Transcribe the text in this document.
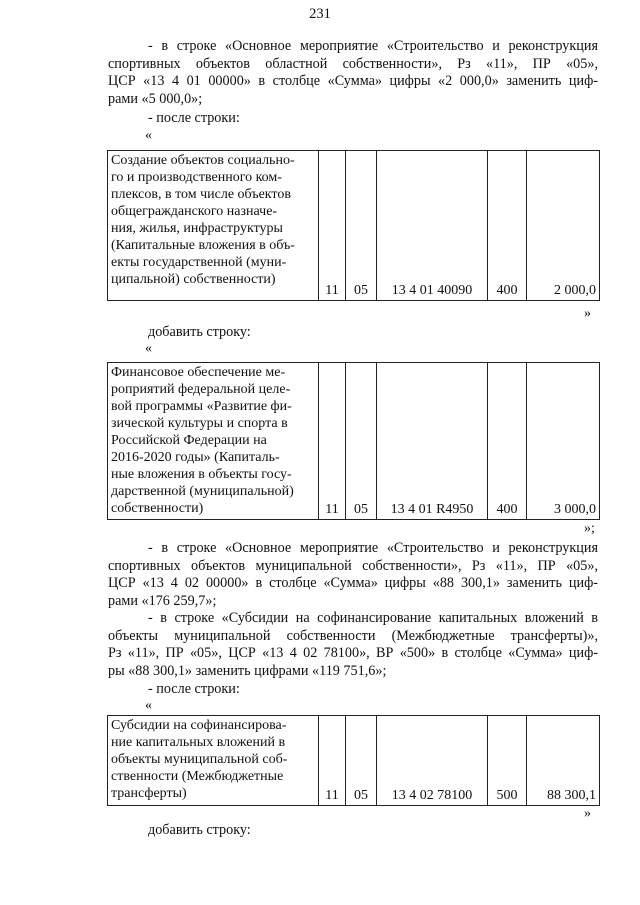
231
- в строке «Основное мероприятие «Строительство и реконструкция
спортивных объектов областной собственности», Рз «11», ПР «05»,
ЦСР «13 4 01 00000» в столбце «Сумма» цифры «2 000,0» заменить циф-
рами «5 000,0»;
- после строки:
«
Создание объектов социально-
го и производственного ком-
плексов, в том числе объектов
общегражданского назначе-
ния, жилья, инфраструктуры
(Капитальные вложения в объ-
екты государственной (муни-
ципальной) собственности)
	11	05	13 4 01 40090	400	2 000,0
»
добавить строку:
«
Финансовое обеспечение ме-
роприятий федеральной целе-
вой программы «Развитие фи-
зической культуры и спорта в
Российской Федерации на
2016-2020 годы» (Капиталь-
ные вложения в объекты госу-
дарственной (муниципальной)
собственности)	11	05	13 4 01 R4950	400	3 000,0
»;
- в строке «Основное мероприятие «Строительство и реконструкция
спортивных объектов муниципальной собственности», Рз «11», ПР «05»,
ЦСР «13 4 02 00000» в столбце «Сумма» цифры «88 300,1» заменить циф-
рами «176 259,7»;
- в строке «Субсидии на софинансирование капитальных вложений в
объекты муниципальной собственности (Межбюджетные трансферты)»,
Рз «11», ПР «05», ЦСР «13 4 02 78100», ВР «500» в столбце «Сумма» циф-
ры «88 300,1» заменить цифрами «119 751,6»;
- после строки:
«
Субсидии на софинансирова-
ние капитальных вложений в
объекты муниципальной соб-
ственности (Межбюджетные
трансферты)	11	05	13 4 02 78100	500	88 300,1
»
добавить строку:
